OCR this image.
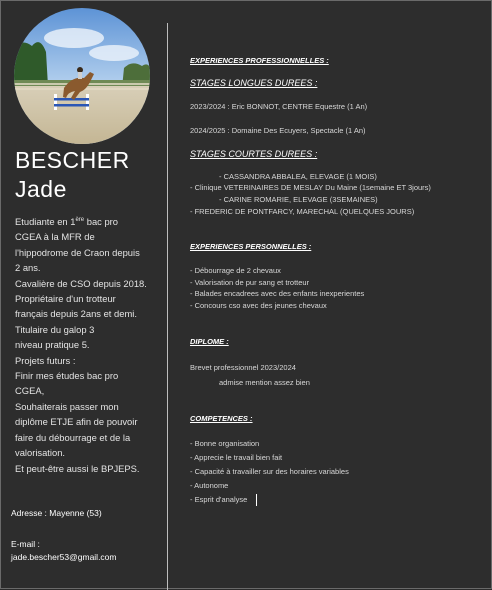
BESCHER
Jade
Etudiante en 1ère bac pro
CGEA à la MFR de
l'hippodrome de Craon depuis
2 ans.
Cavalière de CSO depuis 2018.
Propriétaire d'un trotteur
français depuis 2ans et demi.
Titulaire du galop 3
niveau pratique 5.
Projets futurs :
Finir mes études bac pro
CGEA,
Souhaiterais passer mon
diplôme ETJE afin de pouvoir
faire du débourrage et de la
valorisation.
Et peut-être aussi le BPJEPS.
Adresse : Mayenne (53)
E-mail :
jade.bescher53@gmail.com
EXPERIENCES PROFESSIONNELLES :
STAGES LONGUES DUREES :
2023/2024 : Eric BONNOT, CENTRE Equestre (1 An)
2024/2025 : Domaine Des Ecuyers, Spectacle (1 An)
STAGES COURTES DUREES :
- CASSANDRA ABBALEA, ELEVAGE (1 MOIS)
- Clinique VETERINAIRES DE MESLAY Du Maine (1semaine ET 3jours)
- CARINE ROMARIE, ELEVAGE (3SEMAINES)
- FREDERIC DE PONTFARCY, MARECHAL (QUELQUES JOURS)
EXPERIENCES PERSONNELLES :
- Débourrage de 2 chevaux
- Valorisation de pur sang et trotteur
- Balades encadrees avec des enfants inexperientes
- Concours cso avec des jeunes chevaux
DIPLOME :
Brevet professionnel 2023/2024
admise mention assez bien
COMPETENCES :
- Bonne organisation
- Apprecie le travail bien fait
- Capacité à travailler sur des horaires variables
- Autonome
- Esprit d'analyse
